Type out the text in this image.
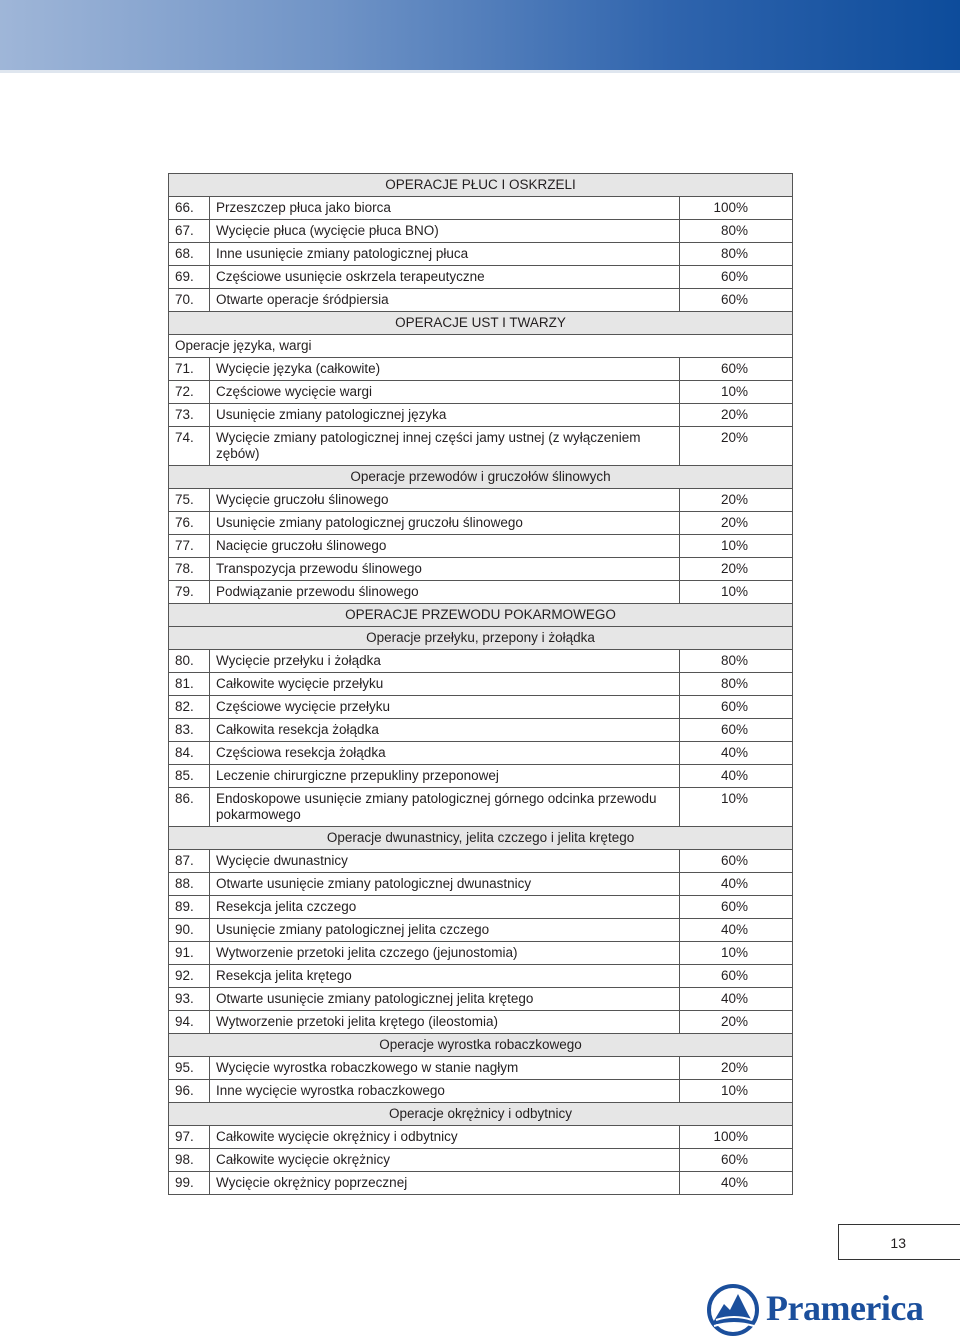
OPERACJE PŁUC I OSKRZELI		
66.	Przeszczep płuca jako biorca	100%
67.	Wycięcie płuca (wycięcie płuca BNO)	80%
68.	Inne usunięcie zmiany patologicznej płuca	80%
69.	Częściowe usunięcie oskrzela terapeutyczne	60%
70.	Otwarte operacje śródpiersia	60%
OPERACJE UST I TWARZY		
Operacje języka, wargi		
71.	Wycięcie języka (całkowite)	60%
72.	Częściowe wycięcie wargi	10%
73.	Usunięcie zmiany patologicznej języka	20%
74.	Wycięcie zmiany patologicznej innej części jamy ustnej (z wyłączeniem zębów)	20%
Operacje przewodów i gruczołów ślinowych		
75.	Wycięcie gruczołu ślinowego	20%
76.	Usunięcie zmiany patologicznej gruczołu ślinowego	20%
77.	Nacięcie gruczołu ślinowego	10%
78.	Transpozycja przewodu ślinowego	20%
79.	Podwiązanie przewodu ślinowego	10%
OPERACJE PRZEWODU POKARMOWEGO		
Operacje przełyku, przepony i żołądka		
80.	Wycięcie przełyku i żołądka	80%
81.	Całkowite wycięcie przełyku	80%
82.	Częściowe wycięcie przełyku	60%
83.	Całkowita resekcja żołądka	60%
84.	Częściowa resekcja żołądka	40%
85.	Leczenie chirurgiczne przepukliny przeponowej	40%
86.	Endoskopowe usunięcie zmiany patologicznej górnego odcinka przewodu pokarmowego	10%
Operacje dwunastnicy, jelita czczego i jelita krętego		
87.	Wycięcie dwunastnicy	60%
88.	Otwarte usunięcie zmiany patologicznej dwunastnicy	40%
89.	Resekcja jelita czczego	60%
90.	Usunięcie zmiany patologicznej jelita czczego	40%
91.	Wytworzenie przetoki jelita czczego (jejunostomia)	10%
92.	Resekcja jelita krętego	60%
93.	Otwarte usunięcie zmiany patologicznej jelita krętego	40%
94.	Wytworzenie przetoki jelita krętego (ileostomia)	20%
Operacje wyrostka robaczkowego		
95.	Wycięcie wyrostka robaczkowego w stanie nagłym	20%
96.	Inne wycięcie wyrostka robaczkowego	10%
Operacje okrężnicy i odbytnicy		
97.	Całkowite wycięcie okrężnicy i odbytnicy	100%
98.	Całkowite wycięcie okrężnicy	60%
99.	Wycięcie okrężnicy poprzecznej	40%
13
Pramerica
